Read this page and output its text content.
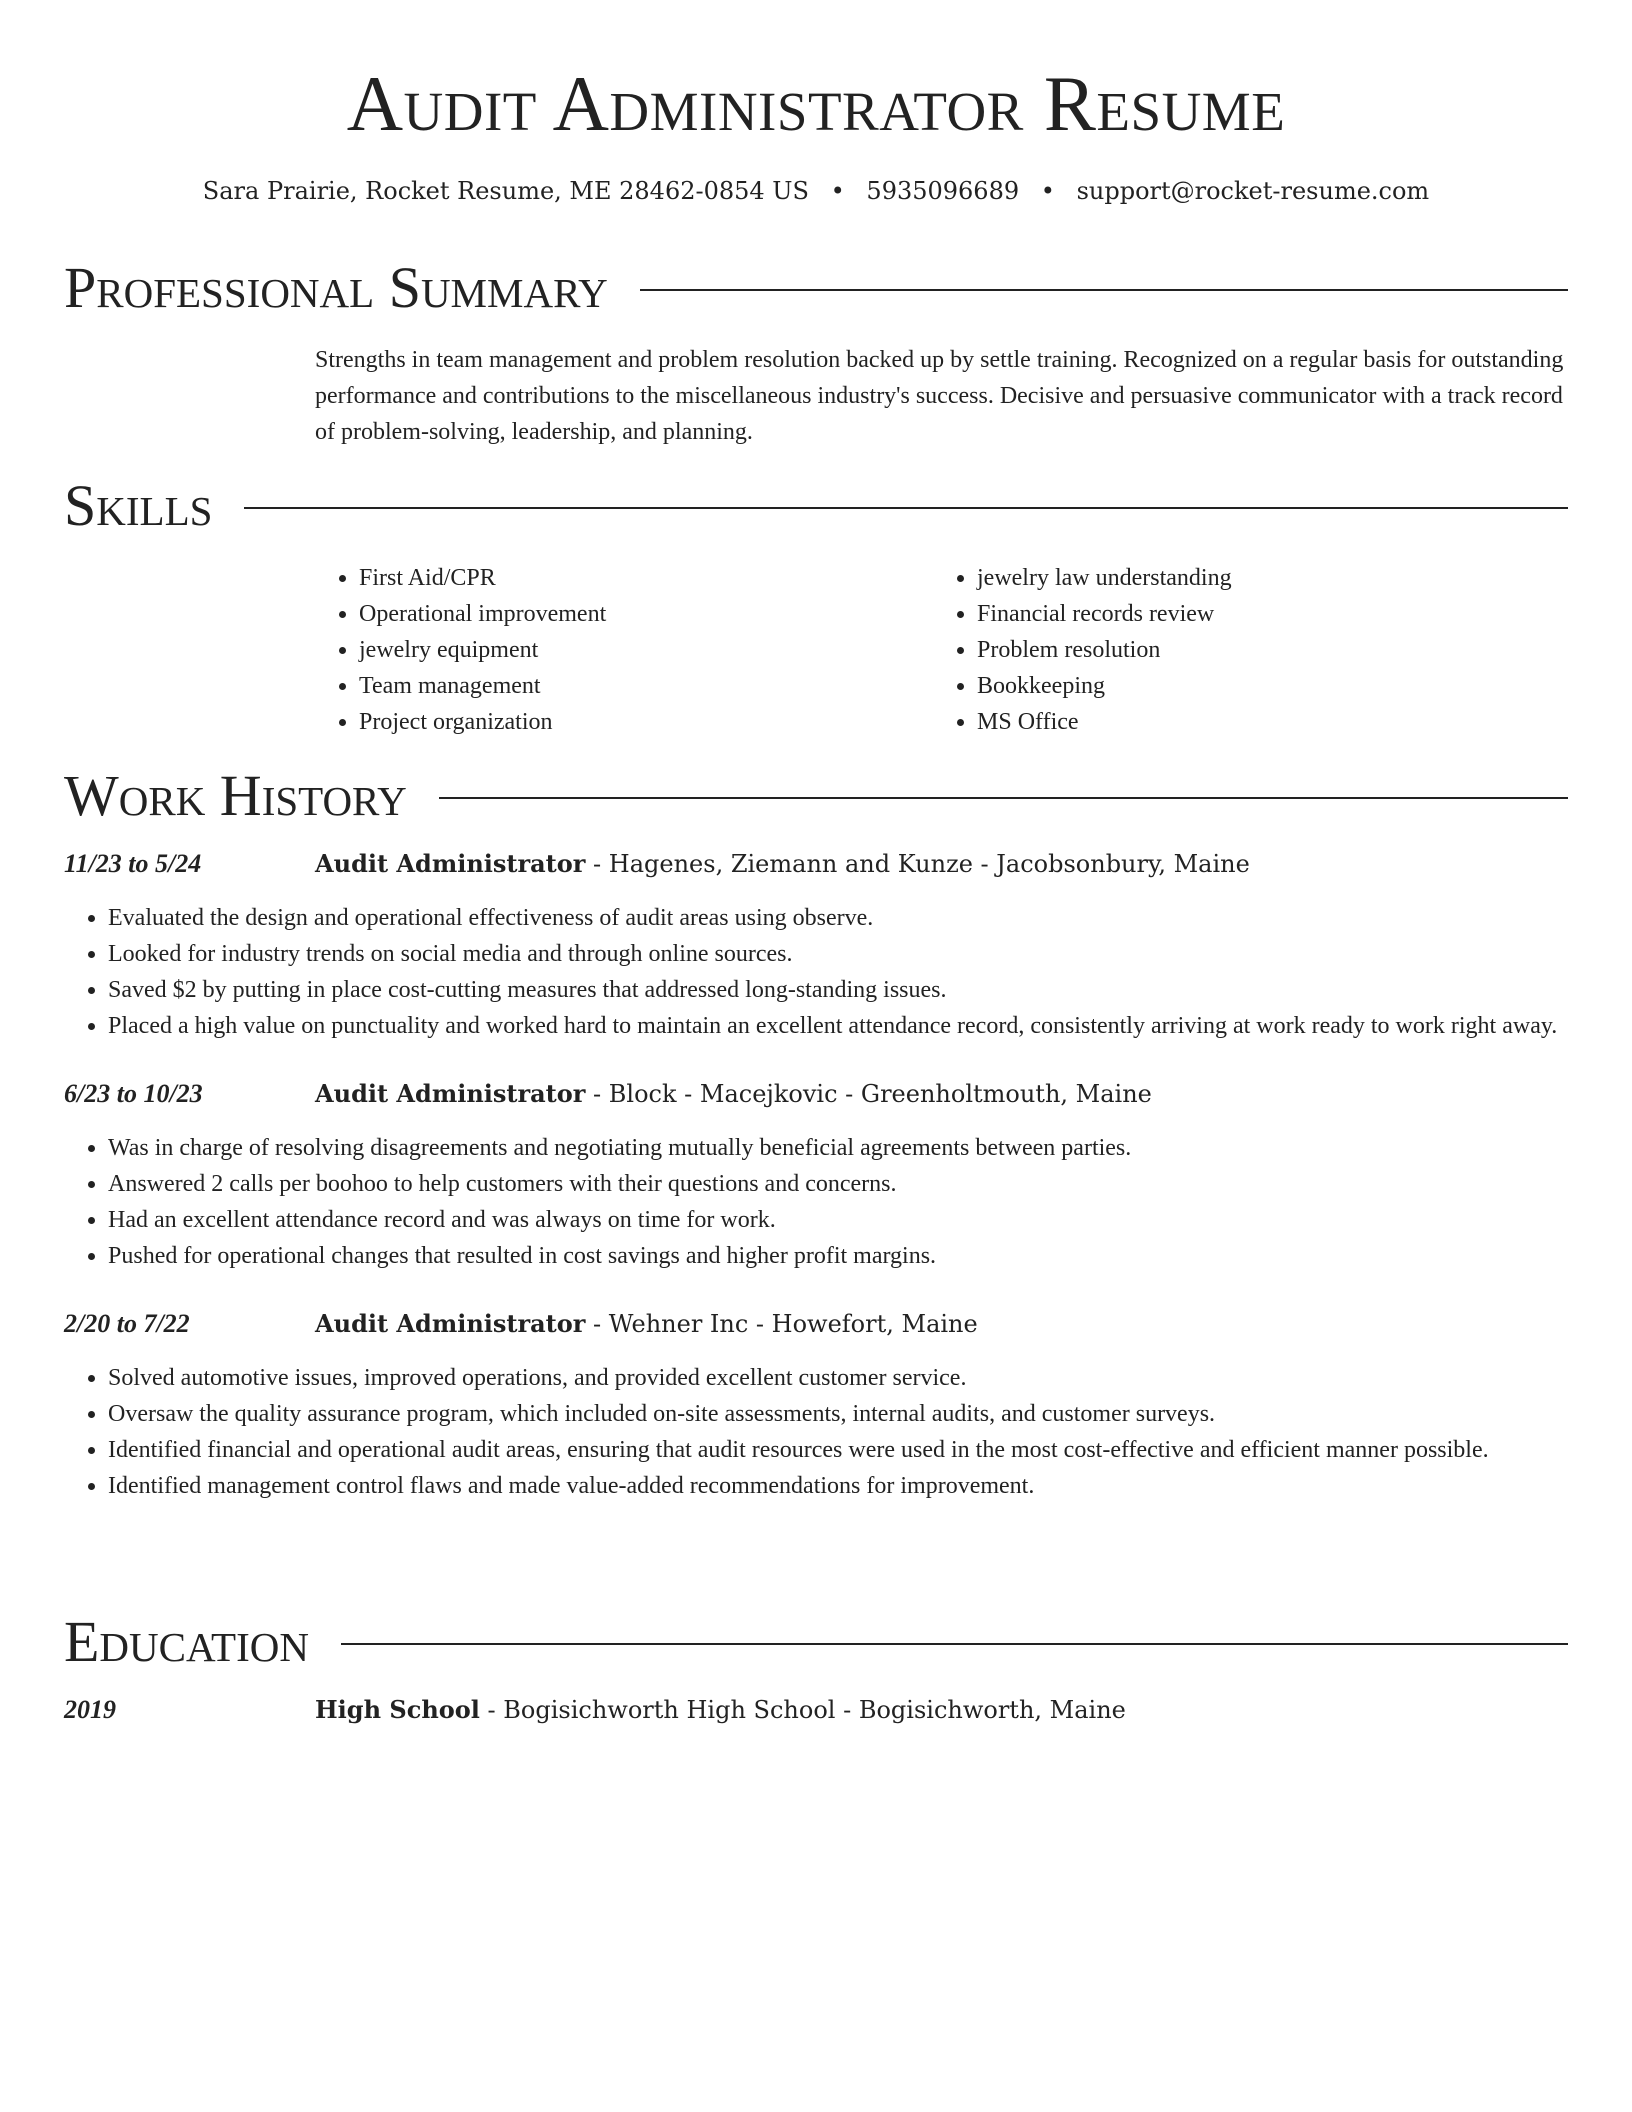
Audit Administrator Resume
Sara Prairie, Rocket Resume, ME 28462-0854 US • 5935096689 • support@rocket-resume.com
Professional Summary
Strengths in team management and problem resolution backed up by settle training. Recognized on a regular basis for outstanding performance and contributions to the miscellaneous industry's success. Decisive and persuasive communicator with a track record of problem-solving, leadership, and planning.
Skills
• First Aid/CPR
• Operational improvement
• jewelry equipment
• Team management
• Project organization
• jewelry law understanding
• Financial records review
• Problem resolution
• Bookkeeping
• MS Office
Work History
11/23 to 5/24	Audit Administrator - Hagenes, Ziemann and Kunze - Jacobsonbury, Maine
• Evaluated the design and operational effectiveness of audit areas using observe.
• Looked for industry trends on social media and through online sources.
• Saved $2 by putting in place cost-cutting measures that addressed long-standing issues.
• Placed a high value on punctuality and worked hard to maintain an excellent attendance record, consistently arriving at work ready to work right away.
6/23 to 10/23	Audit Administrator - Block - Macejkovic - Greenholtmouth, Maine
• Was in charge of resolving disagreements and negotiating mutually beneficial agreements between parties.
• Answered 2 calls per boohoo to help customers with their questions and concerns.
• Had an excellent attendance record and was always on time for work.
• Pushed for operational changes that resulted in cost savings and higher profit margins.
2/20 to 7/22	Audit Administrator - Wehner Inc - Howefort, Maine
• Solved automotive issues, improved operations, and provided excellent customer service.
• Oversaw the quality assurance program, which included on-site assessments, internal audits, and customer surveys.
• Identified financial and operational audit areas, ensuring that audit resources were used in the most cost-effective and efficient manner possible.
• Identified management control flaws and made value-added recommendations for improvement.
Education
2019	High School - Bogisichworth High School - Bogisichworth, Maine
